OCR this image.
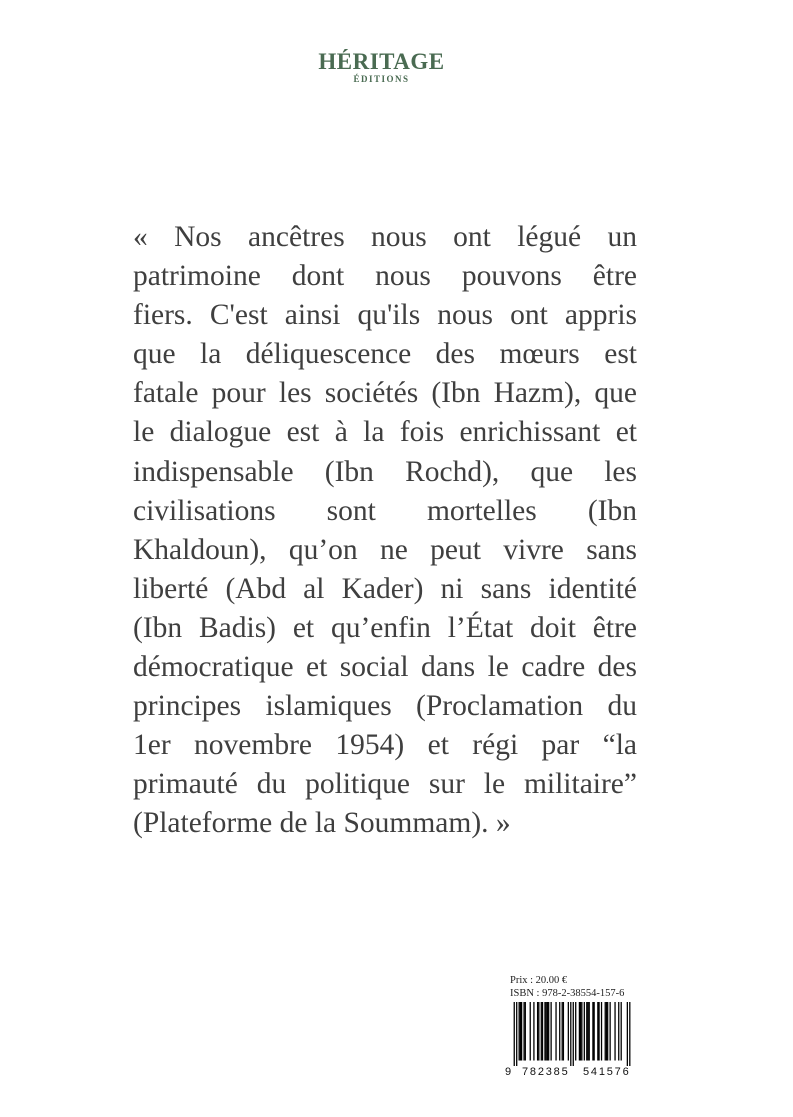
HÉRITAGE
ÉDITIONS

« Nos ancêtres nous ont légué un
patrimoine dont nous pouvons être
fiers. C'est ainsi qu'ils nous ont appris
que la déliquescence des mœurs est
fatale pour les sociétés (Ibn Hazm), que
le dialogue est à la fois enrichissant et
indispensable (Ibn Rochd), que les
civilisations sont mortelles (Ibn
Khaldoun), qu’on ne peut vivre sans
liberté (Abd al Kader) ni sans identité
(Ibn Badis) et qu’enfin l’État doit être
démocratique et social dans le cadre des
principes islamiques (Proclamation du
1er novembre 1954) et régi par “la
primauté du politique sur le militaire”
(Plateforme de la Soummam). »

Prix : 20.00 €
ISBN : 978-2-38554-157-6
9 782385 541576
